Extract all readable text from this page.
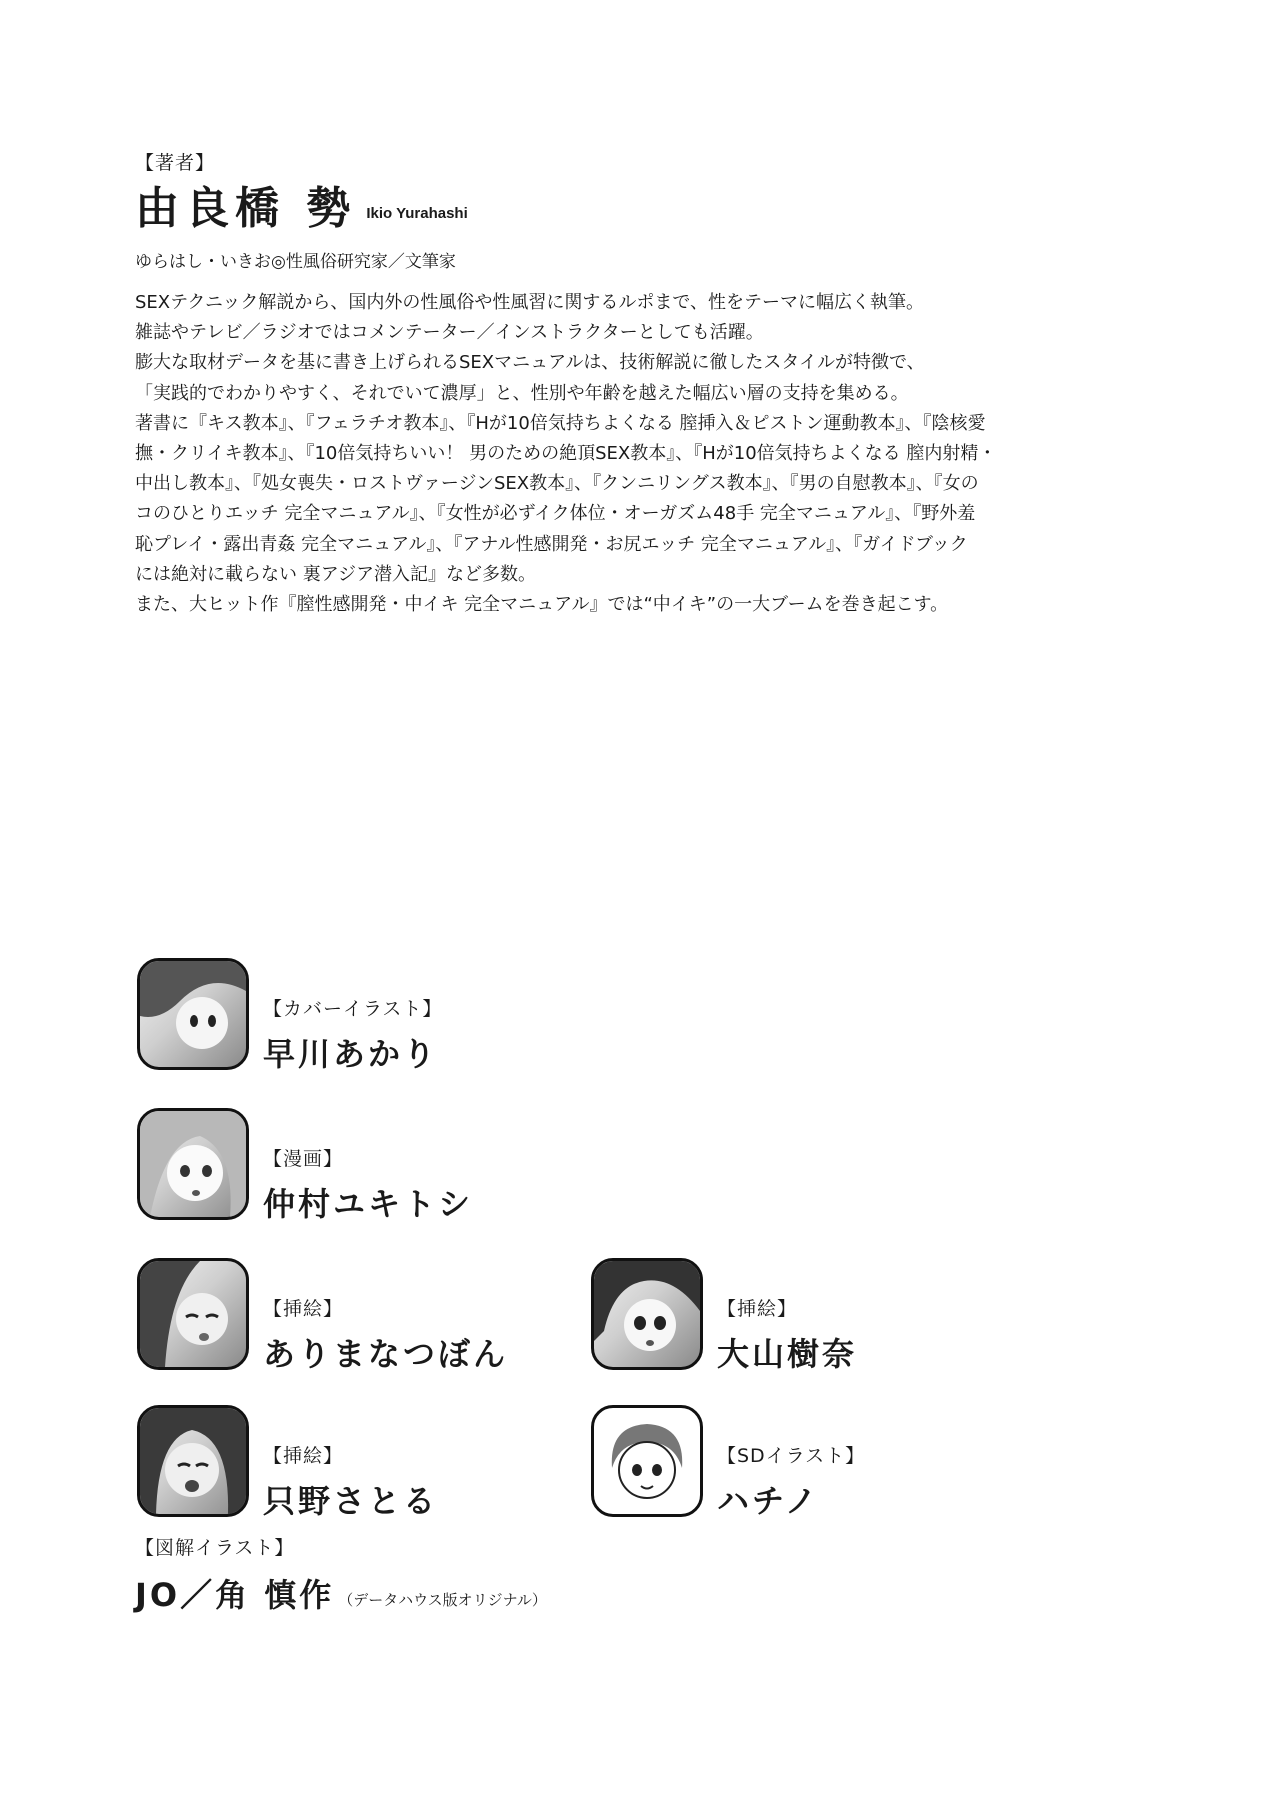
【著者】
由良橋 勢 Ikio Yurahashi
ゆらはし・いきお◎性風俗研究家／文筆家
SEXテクニック解説から、国内外の性風俗や性風習に関するルポまで、性をテーマに幅広く執筆。
雑誌やテレビ／ラジオではコメンテーター／インストラクターとしても活躍。
膨大な取材データを基に書き上げられるSEXマニュアルは、技術解説に徹したスタイルが特徴で、
「実践的でわかりやすく、それでいて濃厚」と、性別や年齢を越えた幅広い層の支持を集める。
著書に『キス教本』、『フェラチオ教本』、『Hが10倍気持ちよくなる 膣挿入＆ピストン運動教本』、『陰核愛
撫・クリイキ教本』、『10倍気持ちいい！ 男のための絶頂SEX教本』、『Hが10倍気持ちよくなる 膣内射精・
中出し教本』、『処女喪失・ロストヴァージンSEX教本』、『クンニリングス教本』、『男の自慰教本』、『女の
コのひとりエッチ 完全マニュアル』、『女性が必ずイク体位・オーガズム48手 完全マニュアル』、『野外羞
恥プレイ・露出青姦 完全マニュアル』、『アナル性感開発・お尻エッチ 完全マニュアル』、『ガイドブック
には絶対に載らない 裏アジア潜入記』など多数。
また、大ヒット作『膣性感開発・中イキ 完全マニュアル』では“中イキ”の一大ブームを巻き起こす。
【カバーイラスト】
早川あかり
【漫画】
仲村ユキトシ
【挿絵】
ありまなつぼん
【挿絵】
大山樹奈
【挿絵】
只野さとる
【SDイラスト】
ハチノ
【図解イラスト】
JO／角 慎作 （データハウス版オリジナル）
